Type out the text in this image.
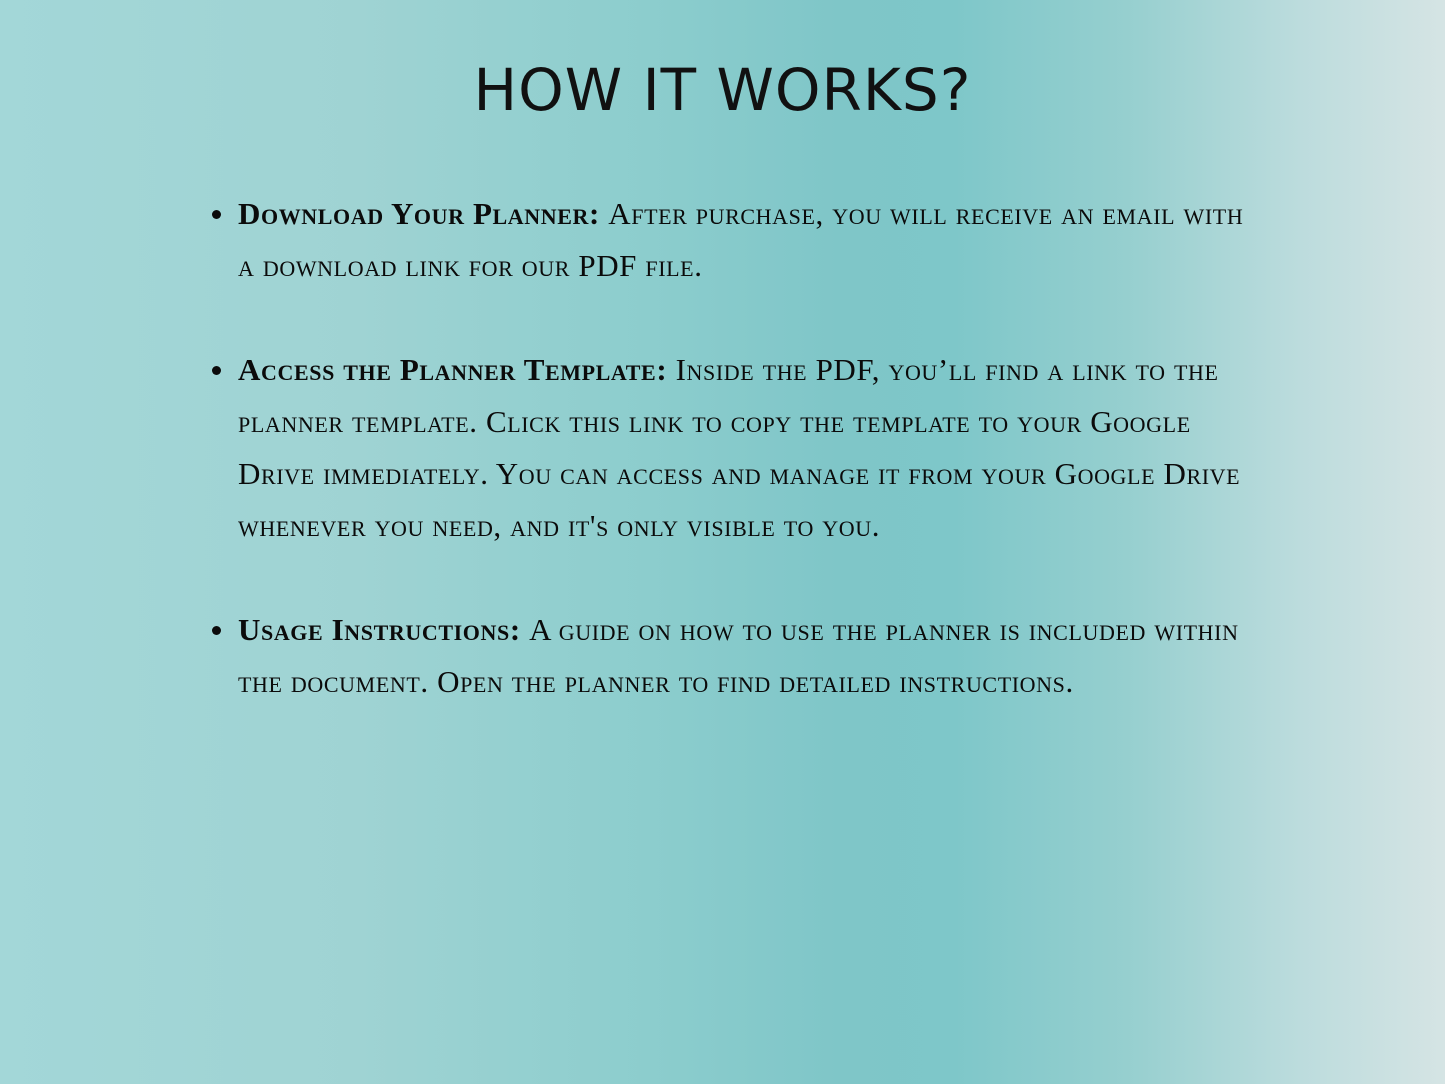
HOW IT WORKS?
Download Your Planner: After purchase, you will receive an email with a download link for our PDF file.
Access the Planner Template: Inside the PDF, you’ll find a link to the planner template. Click this link to copy the template to your Google Drive immediately. You can access and manage it from your Google Drive whenever you need, and it's only visible to you.
Usage Instructions: A guide on how to use the planner is included within the document. Open the planner to find detailed instructions.
